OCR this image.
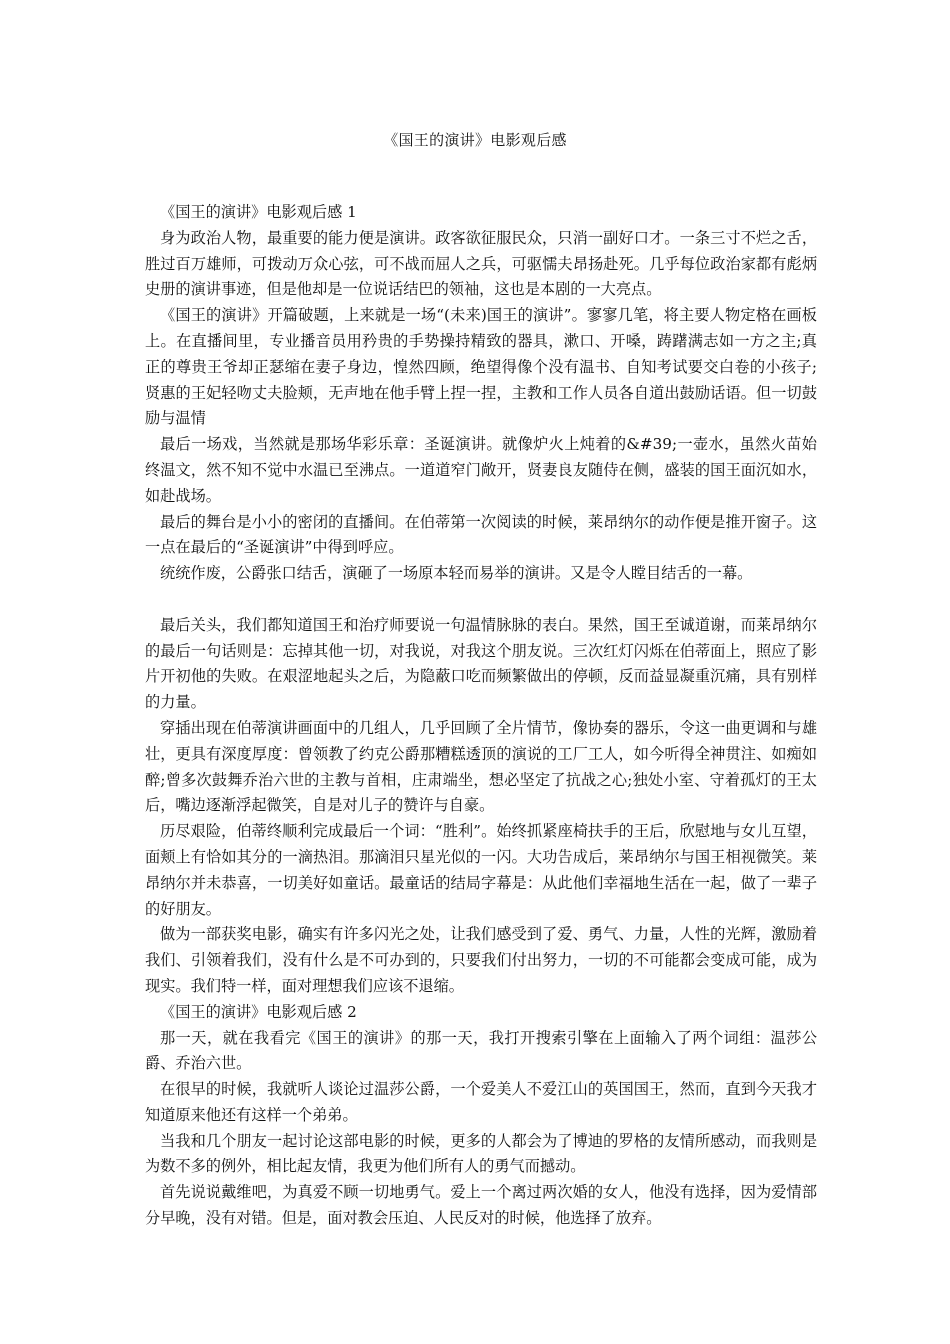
《国王的演讲》电影观后感

《国王的演讲》电影观后感 1

身为政治人物，最重要的能力便是演讲。政客欲征服民众，只消一副好口才。一条三寸不烂之舌，胜过百万雄师，可拨动万众心弦，可不战而屈人之兵，可驱懦夫昂扬赴死。几乎每位政治家都有彪炳史册的演讲事迹，但是他却是一位说话结巴的领袖，这也是本剧的一大亮点。

《国王的演讲》开篇破题，上来就是一场“(未来)国王的演讲”。寥寥几笔，将主要人物定格在画板上。在直播间里，专业播音员用矜贵的手势操持精致的器具，漱口、开嗓，踌躇满志如一方之主;真正的尊贵王爷却正瑟缩在妻子身边，惶然四顾，绝望得像个没有温书、自知考试要交白卷的小孩子;贤惠的王妃轻吻丈夫脸颊，无声地在他手臂上捏一捏，主教和工作人员各自道出鼓励话语。但一切鼓励与温情

最后一场戏，当然就是那场华彩乐章：圣诞演讲。就像炉火上炖着的&#39;一壶水，虽然火苗始终温文，然不知不觉中水温已至沸点。一道道窄门敞开，贤妻良友随侍在侧，盛装的国王面沉如水，如赴战场。

最后的舞台是小小的密闭的直播间。在伯蒂第一次阅读的时候，莱昂纳尔的动作便是推开窗子。这一点在最后的“圣诞演讲”中得到呼应。

统统作废，公爵张口结舌，演砸了一场原本轻而易举的演讲。又是令人瞠目结舌的一幕。

最后关头，我们都知道国王和治疗师要说一句温情脉脉的表白。果然，国王至诚道谢，而莱昂纳尔的最后一句话则是：忘掉其他一切，对我说，对我这个朋友说。三次红灯闪烁在伯蒂面上，照应了影片开初他的失败。在艰涩地起头之后，为隐蔽口吃而频繁做出的停顿，反而益显凝重沉痛，具有别样的力量。

穿插出现在伯蒂演讲画面中的几组人，几乎回顾了全片情节，像协奏的器乐，令这一曲更调和与雄壮，更具有深度厚度：曾领教了约克公爵那糟糕透顶的演说的工厂工人，如今听得全神贯注、如痴如醉;曾多次鼓舞乔治六世的主教与首相，庄肃端坐，想必坚定了抗战之心;独处小室、守着孤灯的王太后，嘴边逐渐浮起微笑，自是对儿子的赞许与自豪。

历尽艰险，伯蒂终顺利完成最后一个词：“胜利”。始终抓紧座椅扶手的王后，欣慰地与女儿互望，面颊上有恰如其分的一滴热泪。那滴泪只星光似的一闪。大功告成后，莱昂纳尔与国王相视微笑。莱昂纳尔并未恭喜，一切美好如童话。最童话的结局字幕是：从此他们幸福地生活在一起，做了一辈子的好朋友。

做为一部获奖电影，确实有许多闪光之处，让我们感受到了爱、勇气、力量，人性的光辉，激励着我们、引领着我们，没有什么是不可办到的，只要我们付出努力，一切的不可能都会变成可能，成为现实。我们特一样，面对理想我们应该不退缩。

《国王的演讲》电影观后感 2

那一天，就在我看完《国王的演讲》的那一天，我打开搜索引擎在上面输入了两个词组：温莎公爵、乔治六世。

在很早的时候，我就听人谈论过温莎公爵，一个爱美人不爱江山的英国国王，然而，直到今天我才知道原来他还有这样一个弟弟。

当我和几个朋友一起讨论这部电影的时候，更多的人都会为了博迪的罗格的友情所感动，而我则是为数不多的例外，相比起友情，我更为他们所有人的勇气而撼动。

首先说说戴维吧，为真爱不顾一切地勇气。爱上一个离过两次婚的女人，他没有选择，因为爱情部分早晚，没有对错。但是，面对教会压迫、人民反对的时候，他选择了放弃。
